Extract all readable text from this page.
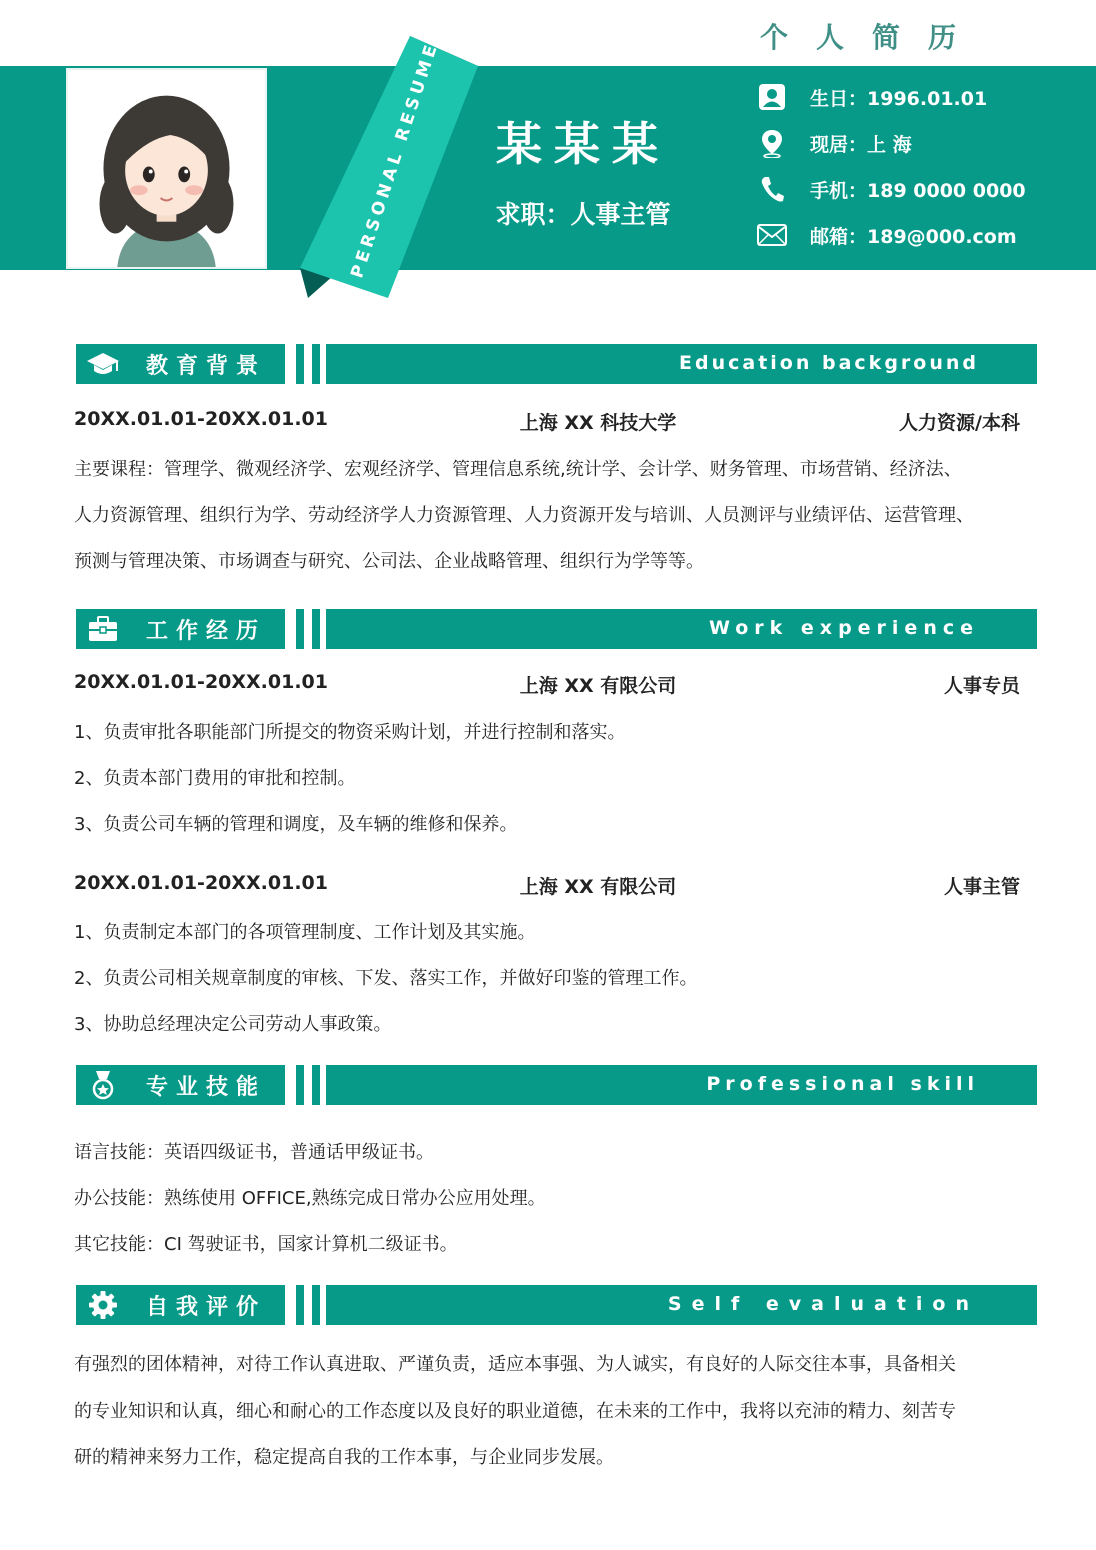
个人简历
PERSONAL RESUME	某某某
求职：人事主管
生日：1996.01.01
现居：上 海
手机：189 0000 0000
邮箱：189@000.com
教育背景	Education background
20XX.01.01-20XX.01.01	上海 XX 科技大学	人力资源/本科
主要课程：管理学、微观经济学、宏观经济学、管理信息系统,统计学、会计学、财务管理、市场营销、经济法、
人力资源管理、组织行为学、劳动经济学人力资源管理、人力资源开发与培训、人员测评与业绩评估、运营管理、
预测与管理决策、市场调查与研究、公司法、企业战略管理、组织行为学等等。
工作经历	Work experience
20XX.01.01-20XX.01.01	上海 XX 有限公司	人事专员
1、负责审批各职能部门所提交的物资采购计划，并进行控制和落实。
2、负责本部门费用的审批和控制。
3、负责公司车辆的管理和调度，及车辆的维修和保养。
20XX.01.01-20XX.01.01	上海 XX 有限公司	人事主管
1、负责制定本部门的各项管理制度、工作计划及其实施。
2、负责公司相关规章制度的审核、下发、落实工作，并做好印鉴的管理工作。
3、协助总经理决定公司劳动人事政策。
专业技能	Professional skill
语言技能：英语四级证书，普通话甲级证书。
办公技能：熟练使用 OFFICE,熟练完成日常办公应用处理。
其它技能：CI 驾驶证书，国家计算机二级证书。
自我评价	Self evaluation
有强烈的团体精神，对待工作认真进取、严谨负责，适应本事强、为人诚实，有良好的人际交往本事，具备相关
的专业知识和认真，细心和耐心的工作态度以及良好的职业道德，在未来的工作中，我将以充沛的精力、刻苦专
研的精神来努力工作，稳定提高自我的工作本事，与企业同步发展。
